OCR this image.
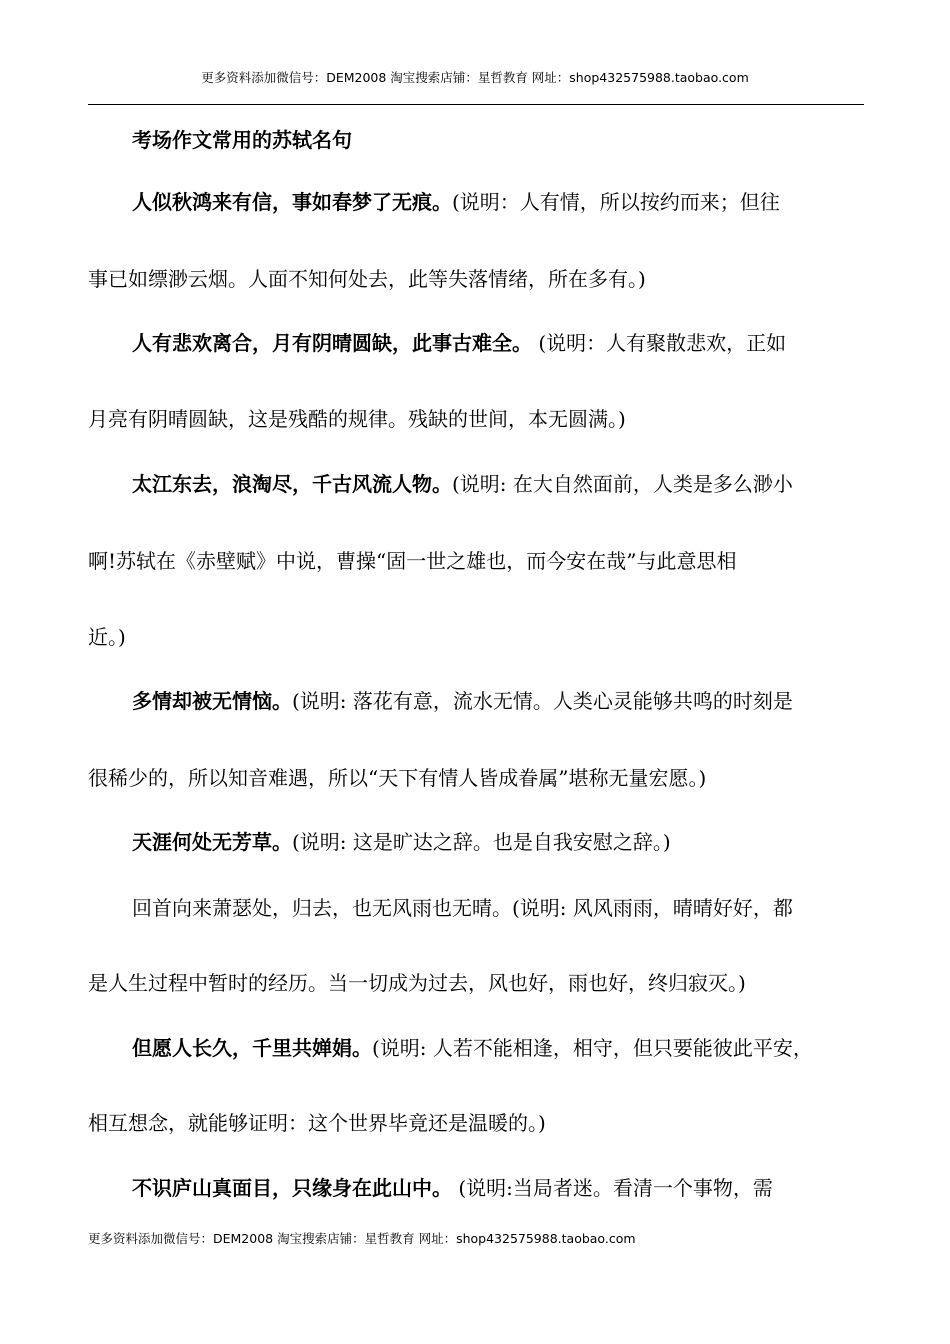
更多资料添加微信号：DEM2008 淘宝搜索店铺：星哲教育 网址：shop432575988.taobao.com
考场作文常用的苏轼名句
人似秋鸿来有信，事如春梦了无痕。(说明：人有情，所以按约而来；但往
事已如缥渺云烟。人面不知何处去，此等失落情绪，所在多有。)
人有悲欢离合，月有阴晴圆缺，此事古难全。 (说明：人有聚散悲欢，正如
月亮有阴晴圆缺，这是残酷的规律。残缺的世间，本无圆满。)
太江东去，浪淘尽，千古风流人物。(说明: 在大自然面前，人类是多么渺小
啊!苏轼在《赤壁赋》中说，曹操“固一世之雄也，而今安在哉”与此意思相
近。)
多情却被无情恼。(说明: 落花有意，流水无情。人类心灵能够共鸣的时刻是
很稀少的，所以知音难遇，所以“天下有情人皆成眷属”堪称无量宏愿。)
天涯何处无芳草。(说明: 这是旷达之辞。也是自我安慰之辞。)
回首向来萧瑟处，归去，也无风雨也无晴。(说明: 风风雨雨，晴晴好好，都
是人生过程中暂时的经历。当一切成为过去，风也好，雨也好，终归寂灭。)
但愿人长久，千里共婵娟。(说明: 人若不能相逢，相守，但只要能彼此平安，
相互想念，就能够证明：这个世界毕竟还是温暖的。)
不识庐山真面目，只缘身在此山中。 (说明:当局者迷。看清一个事物，需
更多资料添加微信号：DEM2008 淘宝搜索店铺：星哲教育 网址：shop432575988.taobao.com
